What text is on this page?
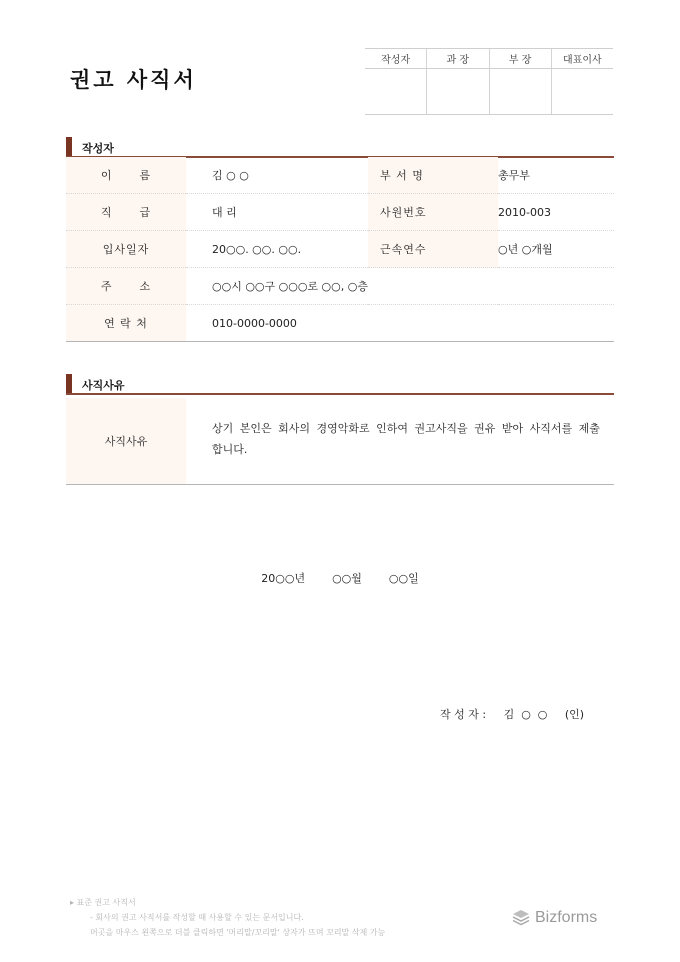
권고 사직서
작성자	과 장	부 장	대표이사

작성자
이      름	김 ○ ○	부 서 명	총무부
직      급	대 리	사원번호	2010-003
입사일자	20○○. ○○. ○○.	근속연수	○년 ○개월
주      소	○○시 ○○구 ○○○로 ○○, ○층		
연 락 처	010-0000-0000		
사직사유
사직사유
상기 본인은 회사의 경영악화로 인하여 권고사직을 권유 받아 사직서를 제출합니다.
20○○년  ○○월  ○○일
작 성 자 : 김  ○  ○ (인)
▸ 표준 권고 사직서
- 회사의 권고 사직서를 작성할 때 사용할 수 있는 문서입니다.
머곳을 마우스 왼쪽으로 더블 클릭하면 '머리말/꼬리말' 상자가 뜨며 꼬리말 삭제 가능
Bizforms
